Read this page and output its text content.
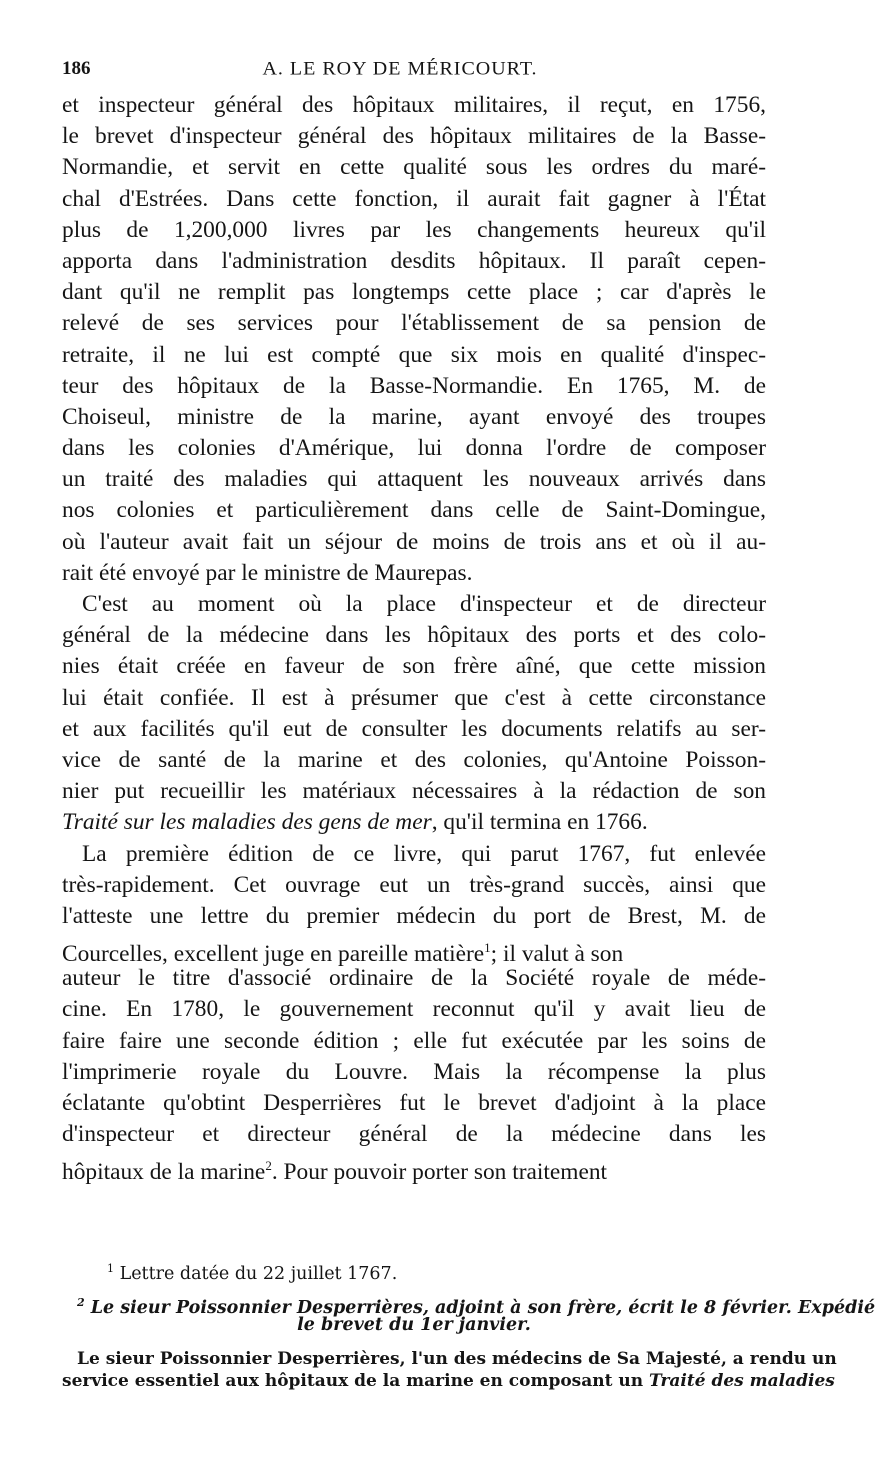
186	A. LE ROY DE MÉRICOURT.
et inspecteur général des hôpitaux militaires, il reçut, en 1756,
le brevet d'inspecteur général des hôpitaux militaires de la Basse-
Normandie, et servit en cette qualité sous les ordres du maré-
chal d'Estrées. Dans cette fonction, il aurait fait gagner à l'État
plus de 1,200,000 livres par les changements heureux qu'il
apporta dans l'administration desdits hôpitaux. Il paraît cepen-
dant qu'il ne remplit pas longtemps cette place ; car d'après le
relevé de ses services pour l'établissement de sa pension de
retraite, il ne lui est compté que six mois en qualité d'inspec-
teur des hôpitaux de la Basse-Normandie. En 1765, M. de
Choiseul, ministre de la marine, ayant envoyé des troupes
dans les colonies d'Amérique, lui donna l'ordre de composer
un traité des maladies qui attaquent les nouveaux arrivés dans
nos colonies et particulièrement dans celle de Saint-Domingue,
où l'auteur avait fait un séjour de moins de trois ans et où il au-
rait été envoyé par le ministre de Maurepas.
C'est au moment où la place d'inspecteur et de directeur
général de la médecine dans les hôpitaux des ports et des colo-
nies était créée en faveur de son frère aîné, que cette mission
lui était confiée. Il est à présumer que c'est à cette circonstance
et aux facilités qu'il eut de consulter les documents relatifs au ser-
vice de santé de la marine et des colonies, qu'Antoine Poisson-
nier put recueillir les matériaux nécessaires à la rédaction de son
Traité sur les maladies des gens de mer, qu'il termina en 1766.
La première édition de ce livre, qui parut 1767, fut enlevée
très-rapidement. Cet ouvrage eut un très-grand succès, ainsi que
l'atteste une lettre du premier médecin du port de Brest, M. de
Courcelles, excellent juge en pareille matière$^1$; il valut à son
auteur le titre d'associé ordinaire de la Société royale de méde-
cine. En 1780, le gouvernement reconnut qu'il y avait lieu de
faire faire une seconde édition ; elle fut exécutée par les soins de
l'imprimerie royale du Louvre. Mais la récompense la plus
éclatante qu'obtint Desperrières fut le brevet d'adjoint à la place
d'inspecteur et directeur général de la médecine dans les
hôpitaux de la marine$^2$. Pour pouvoir porter son traitement
$^1$ Lettre datée du 22 juillet 1767.
$^2$ Le sieur Poissonnier Desperrières, adjoint à son frère, écrit le 8 février. Expédié
le brevet du 1er janvier.
Le sieur Poissonnier Desperrières, l'un des médecins de Sa Majesté, a rendu un
service essentiel aux hôpitaux de la marine en composant un Traité des maladies
